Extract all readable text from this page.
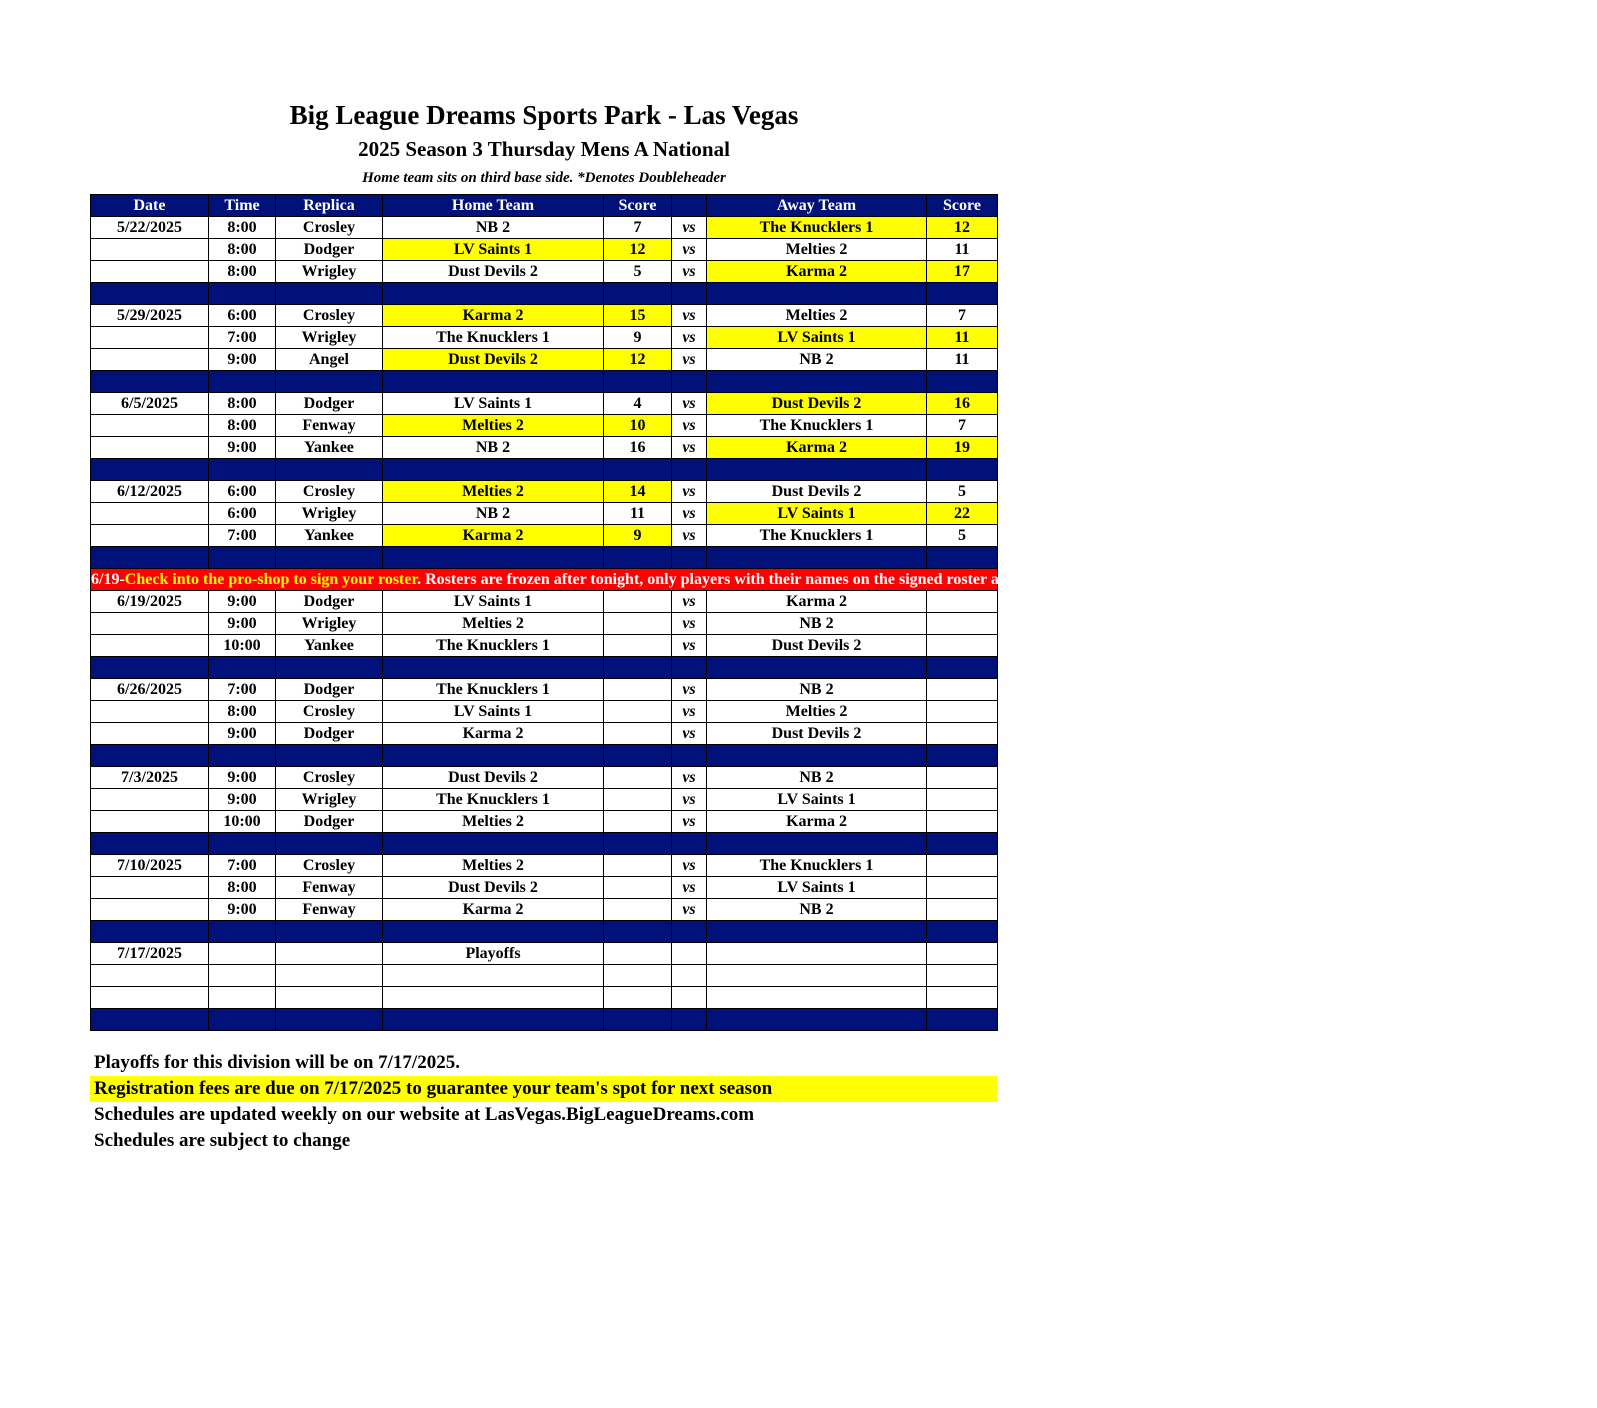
Big League Dreams Sports Park - Las Vegas
2025 Season 3 Thursday Mens A National
Home team sits on third base side. *Denotes Doubleheader
Date	Time	Replica	Home Team	Score		Away Team	Score
5/22/2025	8:00	Crosley	NB 2	7	vs	The Knucklers 1	12
	8:00	Dodger	LV Saints 1	12	vs	Melties 2	11
	8:00	Wrigley	Dust Devils 2	5	vs	Karma 2	17

5/29/2025	6:00	Crosley	Karma 2	15	vs	Melties 2	7
	7:00	Wrigley	The Knucklers 1	9	vs	LV Saints 1	11
	9:00	Angel	Dust Devils 2	12	vs	NB 2	11

6/5/2025	8:00	Dodger	LV Saints 1	4	vs	Dust Devils 2	16
	8:00	Fenway	Melties 2	10	vs	The Knucklers 1	7
	9:00	Yankee	NB 2	16	vs	Karma 2	19

6/12/2025	6:00	Crosley	Melties 2	14	vs	Dust Devils 2	5
	6:00	Wrigley	NB 2	11	vs	LV Saints 1	22
	7:00	Yankee	Karma 2	9	vs	The Knucklers 1	5

6/19-Check into the pro-shop to sign your roster. Rosters are frozen after tonight, only players with their names on the signed roster are eligible for playoffs. Please check carefully as changes will not be made for omissions.							
6/19/2025	9:00	Dodger	LV Saints 1		vs	Karma 2	
	9:00	Wrigley	Melties 2		vs	NB 2	
	10:00	Yankee	The Knucklers 1		vs	Dust Devils 2	

6/26/2025	7:00	Dodger	The Knucklers 1		vs	NB 2	
	8:00	Crosley	LV Saints 1		vs	Melties 2	
	9:00	Dodger	Karma 2		vs	Dust Devils 2	

7/3/2025	9:00	Crosley	Dust Devils 2		vs	NB 2	
	9:00	Wrigley	The Knucklers 1		vs	LV Saints 1	
	10:00	Dodger	Melties 2		vs	Karma 2	

7/10/2025	7:00	Crosley	Melties 2		vs	The Knucklers 1	
	8:00	Fenway	Dust Devils 2		vs	LV Saints 1	
	9:00	Fenway	Karma 2		vs	NB 2	

7/17/2025			Playoffs				

Playoffs for this division will be on 7/17/2025.
Registration fees are due on 7/17/2025 to guarantee your team's spot for next season
Schedules are updated weekly on our website at LasVegas.BigLeagueDreams.com
Schedules are subject to change
